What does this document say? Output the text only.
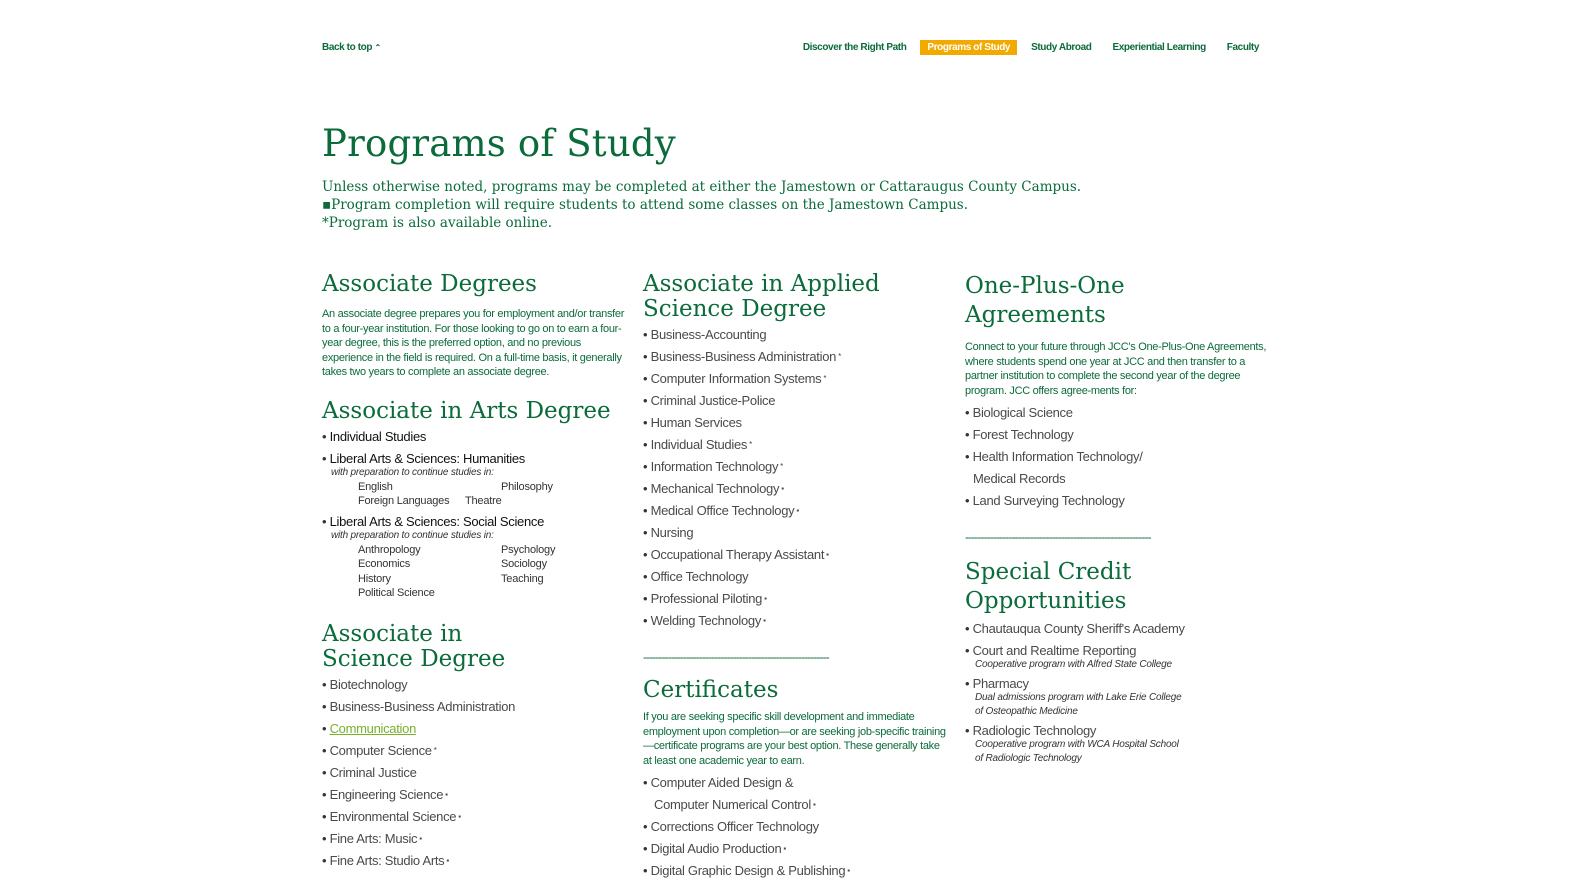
Back to top ⌃	Discover the Right Path	Programs of Study	Study Abroad	Experiential Learning	Faculty
Programs of Study
Unless otherwise noted, programs may be completed at either the Jamestown or Cattaraugus County Campus.
▪Program completion will require students to attend some classes on the Jamestown Campus.
*Program is also available online.
Associate Degrees
An associate degree prepares you for employment and/or transfer to a four-year institution. For those looking to go on to earn a four-year degree, this is the preferred option, and no previous experience in the field is required. On a full-time basis, it generally takes two years to complete an associate degree.
Associate in Arts Degree
• Individual Studies
• Liberal Arts & Sciences: Humanities
with preparation to continue studies in:
English	Philosophy
Foreign Languages	Theatre
• Liberal Arts & Sciences: Social Science
with preparation to continue studies in:
Anthropology	Psychology
Economics	Sociology
History	Teaching
Political Science
Associate in
Science Degree
• Biotechnology
• Business-Business Administration
• Communication
• Computer Science *
• Criminal Justice
• Engineering Science ▪
• Environmental Science ▪
• Fine Arts: Music ▪
• Fine Arts: Studio Arts ▪
Associate in Applied
Science Degree
• Business-Accounting
• Business-Business Administration *
• Computer Information Systems *
• Criminal Justice-Police
• Human Services
• Individual Studies *
• Information Technology *
• Mechanical Technology ▪
• Medical Office Technology ▪
• Nursing
• Occupational Therapy Assistant ▪
• Office Technology
• Professional Piloting ▪
• Welding Technology ▪
------------------------------------------------------------
Certificates
If you are seeking specific skill development and immediate employment upon completion—or are seeking job-specific training—certificate programs are your best option. These generally take at least one academic year to earn.
• Computer Aided Design &
Computer Numerical Control ▪
• Corrections Officer Technology
• Digital Audio Production ▪
• Digital Graphic Design & Publishing ▪
One-Plus-One
Agreements
Connect to your future through JCC's One-Plus-One Agreements, where students spend one year at JCC and then transfer to a partner institution to complete the second year of the degree program. JCC offers agree-ments for:
• Biological Science
• Forest Technology
• Health Information Technology/
Medical Records
• Land Surveying Technology
------------------------------------------------------------
Special Credit
Opportunities
• Chautauqua County Sheriff's Academy
• Court and Realtime Reporting
Cooperative program with Alfred State College
• Pharmacy
Dual admissions program with Lake Erie College
of Osteopathic Medicine
• Radiologic Technology
Cooperative program with WCA Hospital School
of Radiologic Technology
